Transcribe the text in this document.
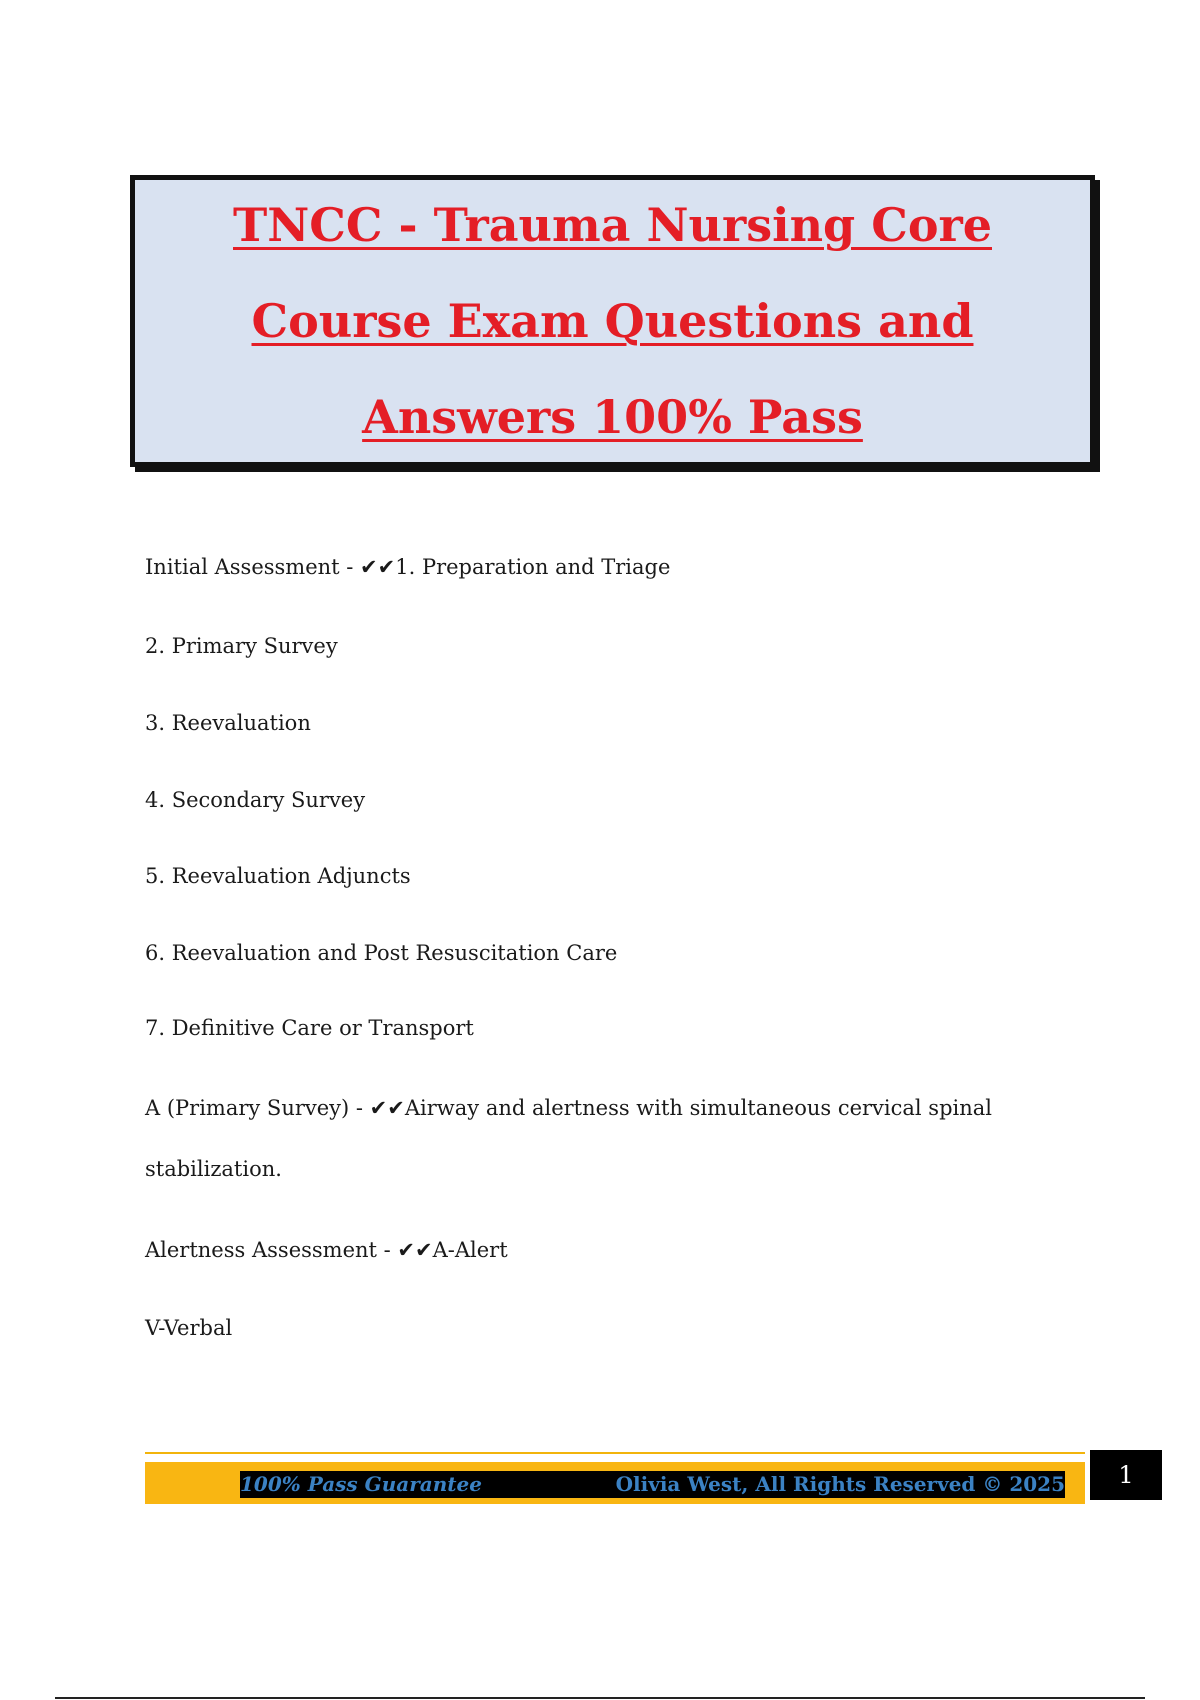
TNCC - Trauma Nursing Core Course Exam Questions and Answers 100% Pass
Initial Assessment - ✔✔1. Preparation and Triage
2. Primary Survey
3. Reevaluation
4. Secondary Survey
5. Reevaluation Adjuncts
6. Reevaluation and Post Resuscitation Care
7. Definitive Care or Transport
A (Primary Survey) - ✔✔Airway and alertness with simultaneous cervical spinal
stabilization.
Alertness Assessment - ✔✔A-Alert
V-Verbal
100% Pass Guarantee	Olivia West, All Rights Reserved © 2025	1
